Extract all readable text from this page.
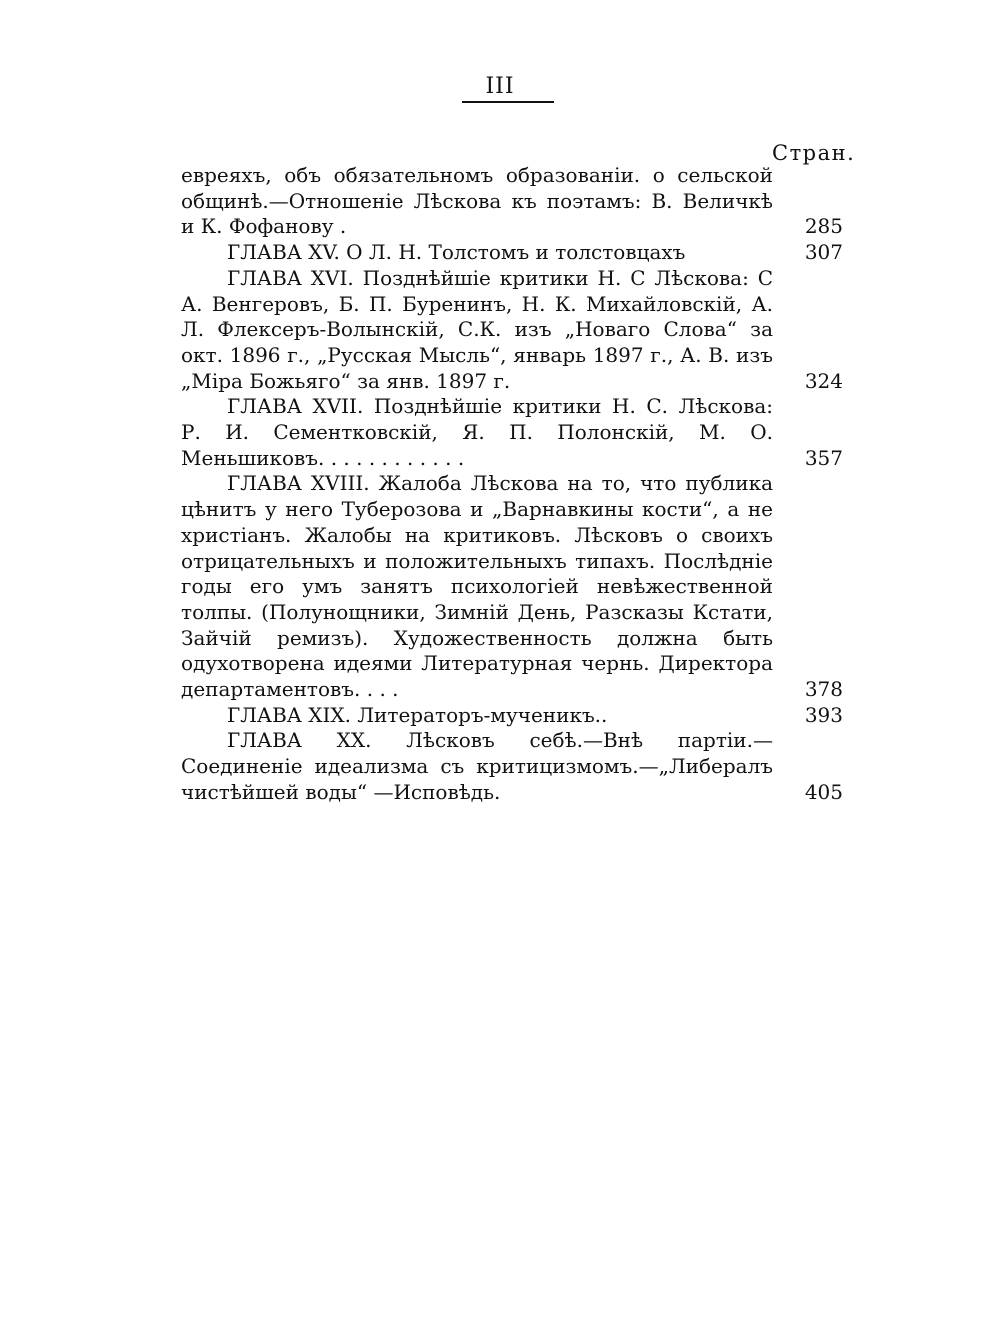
III
Стран.
евреяхъ, объ обязательномъ образованіи. о сельской общинѣ.—Отношеніе Лѣскова къ поэтамъ: В. Величкѣ и К. Фофанову .	285
ГЛАВА XV. О Л. Н. Толстомъ и толстовцахъ	307
ГЛАВА XVI. Позднѣйшіе критики Н. С Лѣскова: С А. Венгеровъ, Б. П. Буренинъ, Н. К. Михайловскій, А. Л. Флексеръ-Волынскій, С.К. изъ „Новаго Слова“ за окт. 1896 г., „Русская Мысль“, январь 1897 г., А. В. изъ „Міра Божьяго“ за янв. 1897 г.	324
ГЛАВА XVII. Позднѣйшіе критики Н. С. Лѣскова: Р. И. Сементковскій, Я. П. Полонскій, М. О. Меньшиковъ. . . . . . . . . . . .	357
ГЛАВА XVIII. Жалоба Лѣскова на то, что публика цѣнитъ у него Туберозова и „Варнавкины кости“, а не христіанъ. Жалобы на критиковъ. Лѣсковъ о своихъ отрицательныхъ и положительныхъ типахъ. Послѣдніе годы его умъ занятъ психологіей невѣжественной толпы. (Полунощники, Зимній День, Разсказы Кстати, Зайчій ремизъ). Художественность должна быть одухотворена идеями Литературная чернь. Директора департаментовъ. . . .	378
ГЛАВА XIX. Литераторъ-мученикъ..	393
ГЛАВА XX. Лѣсковъ себѣ.—Внѣ партіи.—Соединеніе идеализма съ критицизмомъ.—„Либералъ чистѣйшей воды“ —Исповѣдь.	405
